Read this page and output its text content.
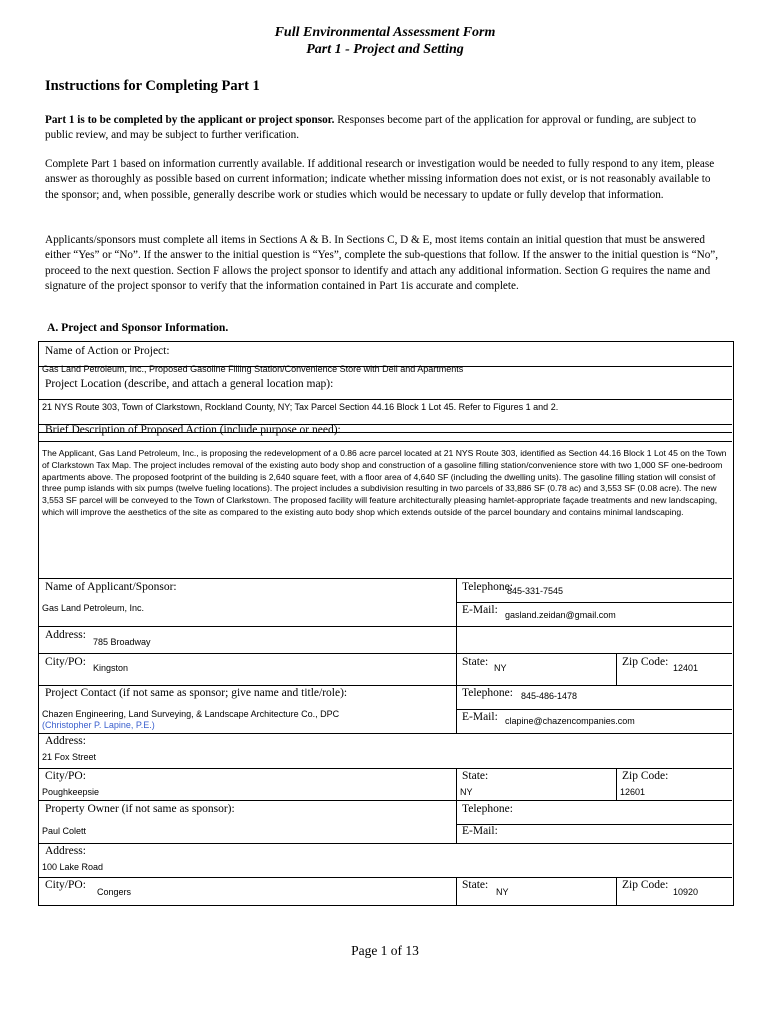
Full Environmental Assessment Form
Part 1 - Project and Setting
Instructions for Completing Part 1
Part 1 is to be completed by the applicant or project sponsor. Responses become part of the application for approval or funding, are subject to public review, and may be subject to further verification.
Complete Part 1 based on information currently available. If additional research or investigation would be needed to fully respond to any item, please answer as thoroughly as possible based on current information; indicate whether missing information does not exist, or is not reasonably available to the sponsor; and, when possible, generally describe work or studies which would be necessary to update or fully develop that information.
Applicants/sponsors must complete all items in Sections A & B. In Sections C, D & E, most items contain an initial question that must be answered either “Yes” or “No”. If the answer to the initial question is “Yes”, complete the sub-questions that follow. If the answer to the initial question is “No”, proceed to the next question. Section F allows the project sponsor to identify and attach any additional information. Section G requires the name and signature of the project sponsor to verify that the information contained in Part 1is accurate and complete.
A. Project and Sponsor Information.
Name of Action or Project:
Gas Land Petroleum, Inc., Proposed Gasoline Filling Station/Convenience Store with Deli and Apartments
Project Location (describe, and attach a general location map):
21 NYS Route 303, Town of Clarkstown, Rockland County, NY; Tax Parcel Section 44.16 Block 1 Lot 45. Refer to Figures 1 and 2.
Brief Description of Proposed Action (include purpose or need):
The Applicant, Gas Land Petroleum, Inc., is proposing the redevelopment of a 0.86 acre parcel located at 21 NYS Route 303, identified as Section 44.16 Block 1 Lot 45 on the Town of Clarkstown Tax Map. The project includes removal of the existing auto body shop and construction of a gasoline filling station/convenience store with two 1,000 SF one-bedroom apartments above. The proposed footprint of the building is 2,640 square feet, with a floor area of 4,640 SF (including the dwelling units). The gasoline filling station will consist of three pump islands with six pumps (twelve fueling locations). The project includes a subdivision resulting in two parcels of 33,886 SF (0.78 ac) and 3,553 SF (0.08 acre). The new 3,553 SF parcel will be conveyed to the Town of Clarkstown. The proposed facility will feature architecturally pleasing hamlet-appropriate façade treatments and new landscaping, which will improve the aesthetics of the site as compared to the existing auto body shop which extends outside of the parcel boundary and contains minimal landscaping.
Name of Applicant/Sponsor:
Gas Land Petroleum, Inc.
Telephone:
845-331-7545
E-Mail: gasland.zeidan@gmail.com
Address:
785 Broadway
City/PO: Kingston	State: NY	Zip Code: 12401
Project Contact (if not same as sponsor; give name and title/role):
Chazen Engineering, Land Surveying, & Landscape Architecture Co., DPC
(Christopher P. Lapine, P.E.)
Telephone: 845-486-1478
E-Mail: clapine@chazencompanies.com
Address:
21 Fox Street
City/PO:
Poughkeepsie
State:
NY
Zip Code:
12601
Property Owner (if not same as sponsor):
Paul Colett
Telephone:
E-Mail:
Address:
100 Lake Road
City/PO:
Congers
State:
NY
Zip Code:
10920
Page 1 of 13
